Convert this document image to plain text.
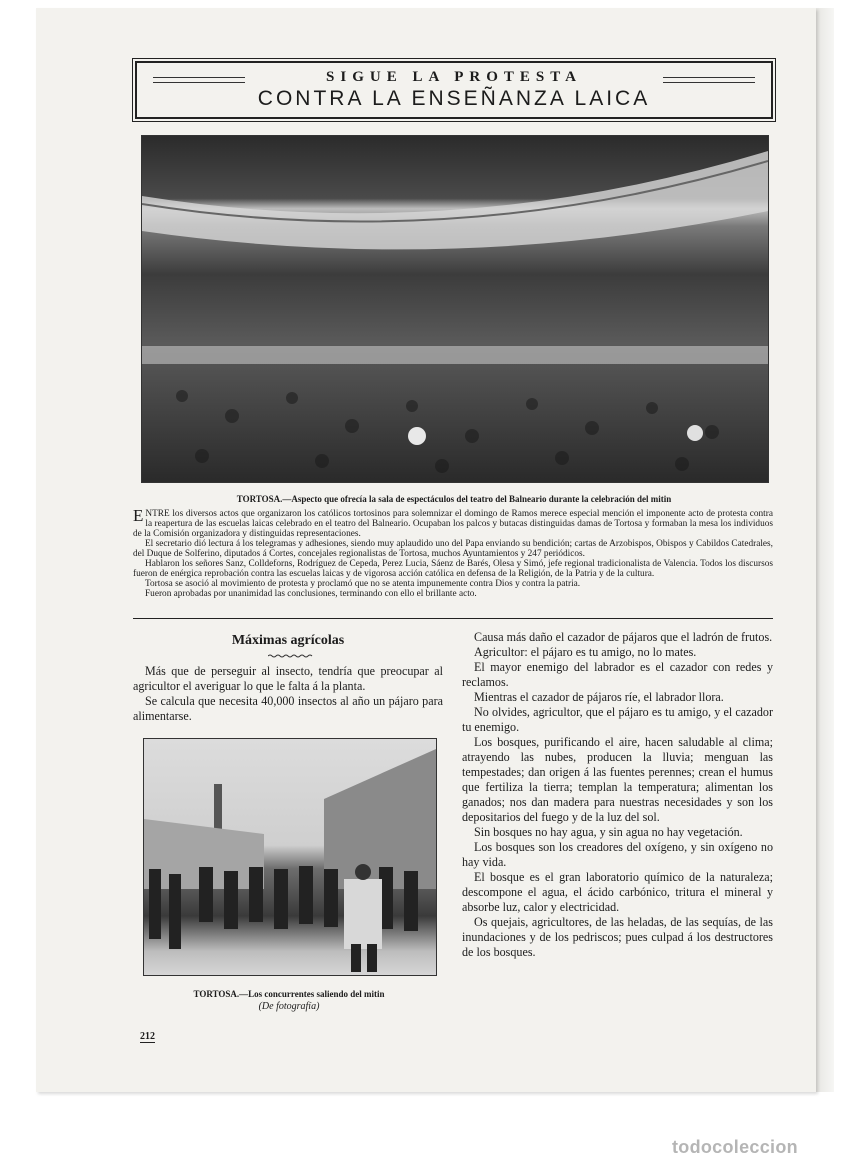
SIGUE LA PROTESTA
CONTRA LA ENSEÑANZA LAICA
TORTOSA.—Aspecto que ofrecía la sala de espectáculos del teatro del Balneario durante la celebración del mitin

ENTRE los diversos actos que organizaron los católicos tortosinos para solemnizar el domingo de Ramos merece especial mención el imponente acto de protesta contra la reapertura de las escuelas laicas celebrado en el teatro del Balneario. Ocupaban los palcos y butacas distinguidas damas de Tortosa y formaban la mesa los individuos de la Comisión organizadora y distinguidas representaciones.

El secretario dió lectura á los telegramas y adhesiones, siendo muy aplaudido uno del Papa enviando su bendición; cartas de Arzobispos, Obispos y Cabildos Catedrales, del Duque de Solferino, diputados á Cortes, concejales regionalistas de Tortosa, muchos Ayuntamientos y 247 periódicos.

Hablaron los señores Sanz, Colldeforns, Rodríguez de Cepeda, Perez Lucia, Sáenz de Barés, Olesa y Simó, jefe regional tradicionalista de Valencia. Todos los discursos fueron de enérgica reprobación contra las escuelas laicas y de vigorosa acción católica en defensa de la Religión, de la Patria y de la cultura.

Tortosa se asoció al movimiento de protesta y proclamó que no se atenta impunemente contra Dios y contra la patria.

Fueron aprobadas por unanimidad las conclusiones, terminando con ello el brillante acto.

Máximas agrícolas

Más que de perseguir al insecto, tendría que preocupar al agricultor el averiguar lo que le falta á la planta.

Se calcula que necesita 40,000 insectos al año un pájaro para alimentarse.

TORTOSA.—Los concurrentes saliendo del mitin
(De fotografía)

Causa más daño el cazador de pájaros que el ladrón de frutos.

Agricultor: el pájaro es tu amigo, no lo mates.

El mayor enemigo del labrador es el cazador con redes y reclamos.

Mientras el cazador de pájaros ríe, el labrador llora.

No olvides, agricultor, que el pájaro es tu amigo, y el cazador tu enemigo.

Los bosques, purificando el aire, hacen saludable al clima; atrayendo las nubes, producen la lluvia; menguan las tempestades; dan origen á las fuentes perennes; crean el humus que fertiliza la tierra; templan la temperatura; alimentan los ganados; nos dan madera para nuestras necesidades y son los depositarios del fuego y de la luz del sol.

Sin bosques no hay agua, y sin agua no hay vegetación.

Los bosques son los creadores del oxígeno, y sin oxígeno no hay vida.

El bosque es el gran laboratorio químico de la naturaleza; descompone el agua, el ácido carbónico, tritura el mineral y absorbe luz, calor y electricidad.

Os quejais, agricultores, de las heladas, de las sequías, de las inundaciones y de los pedriscos; pues culpad á los destructores de los bosques.

212
todocoleccion
